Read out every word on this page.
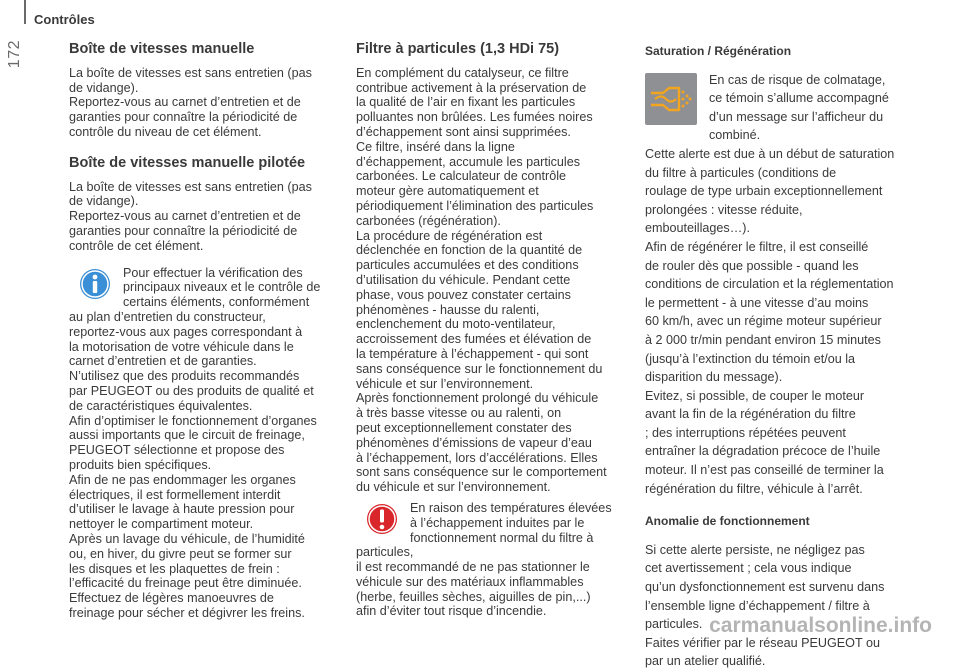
172
Contrôles
Boîte de vitesses manuelle

La boîte de vitesses est sans entretien (pas
de vidange).
Reportez-vous au carnet d’entretien et de
garanties pour connaître la périodicité de
contrôle du niveau de cet élément.

Boîte de vitesses manuelle pilotée

La boîte de vitesses est sans entretien (pas
de vidange).
Reportez-vous au carnet d’entretien et de
garanties pour connaître la périodicité de
contrôle de cet élément.

Pour effectuer la vérification des
principaux niveaux et le contrôle de
certains éléments, conformément
au plan d’entretien du constructeur,
reportez-vous aux pages correspondant à
la motorisation de votre véhicule dans le
carnet d’entretien et de garanties.
N’utilisez que des produits recommandés
par PEUGEOT ou des produits de qualité et
de caractéristiques équivalentes.
Afin d’optimiser le fonctionnement d’organes
aussi importants que le circuit de freinage,
PEUGEOT sélectionne et propose des
produits bien spécifiques.
Afin de ne pas endommager les organes
électriques, il est formellement interdit
d’utiliser le lavage à haute pression pour
nettoyer le compartiment moteur.
Après un lavage du véhicule, de l’humidité
ou, en hiver, du givre peut se former sur
les disques et les plaquettes de frein :
l’efficacité du freinage peut être diminuée.
Effectuez de légères manoeuvres de
freinage pour sécher et dégivrer les freins.

Filtre à particules (1,3 HDi 75)

En complément du catalyseur, ce filtre
contribue activement à la préservation de
la qualité de l’air en fixant les particules
polluantes non brûlées. Les fumées noires
d’échappement sont ainsi supprimées.
Ce filtre, inséré dans la ligne
d’échappement, accumule les particules
carbonées. Le calculateur de contrôle
moteur gère automatiquement et
périodiquement l’élimination des particules
carbonées (régénération).
La procédure de régénération est
déclenchée en fonction de la quantité de
particules accumulées et des conditions
d’utilisation du véhicule. Pendant cette
phase, vous pouvez constater certains
phénomènes - hausse du ralenti,
enclenchement du moto-ventilateur,
accroissement des fumées et élévation de
la température à l’échappement - qui sont
sans conséquence sur le fonctionnement du
véhicule et sur l’environnement.
Après fonctionnement prolongé du véhicule
à très basse vitesse ou au ralenti, on
peut exceptionnellement constater des
phénomènes d’émissions de vapeur d’eau
à l’échappement, lors d’accélérations. Elles
sont sans conséquence sur le comportement
du véhicule et sur l’environnement.

En raison des températures élevées
à l’échappement induites par le
fonctionnement normal du filtre à particules,
il est recommandé de ne pas stationner le
véhicule sur des matériaux inflammables
(herbe, feuilles sèches, aiguilles de pin,...)
afin d’éviter tout risque d’incendie.

Saturation / Régénération

En cas de risque de colmatage,
ce témoin s’allume accompagné
d’un message sur l’afficheur du
combiné.

Cette alerte est due à un début de saturation
du filtre à particules (conditions de
roulage de type urbain exceptionnellement
prolongées : vitesse réduite,
embouteillages…).
Afin de régénérer le filtre, il est conseillé
de rouler dès que possible - quand les
conditions de circulation et la réglementation
le permettent - à une vitesse d’au moins
60 km/h, avec un régime moteur supérieur
à 2 000 tr/min pendant environ 15 minutes
(jusqu’à l’extinction du témoin et/ou la
disparition du message).
Evitez, si possible, de couper le moteur
avant la fin de la régénération du filtre
; des interruptions répétées peuvent
entraîner la dégradation précoce de l’huile
moteur. Il n’est pas conseillé de terminer la
régénération du filtre, véhicule à l’arrêt.

Anomalie de fonctionnement

Si cette alerte persiste, ne négligez pas
cet avertissement ; cela vous indique
qu’un dysfonctionnement est survenu dans
l’ensemble ligne d’échappement / filtre à
particules.
Faites vérifier par le réseau PEUGEOT ou
par un atelier qualifié.

carmanualsonline.info
